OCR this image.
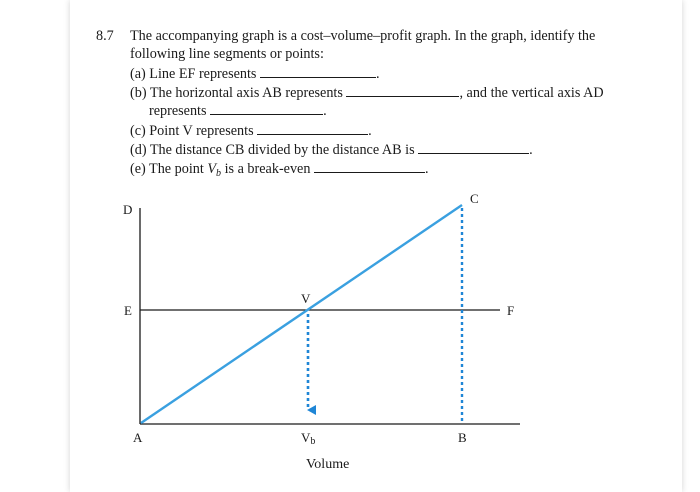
8.7 The accompanying graph is a cost–volume–profit graph. In the graph, identify the
following line segments or points:
(a) Line EF represents	.
(b) The horizontal axis AB represents	, and the vertical axis AD
represents	.
(c) Point V represents	.
(d) The distance CB divided by the distance AB is	.
(e) The point $V_b$ is a break-even	.
D
E	F
A	B
C
V
Vb
Volume
